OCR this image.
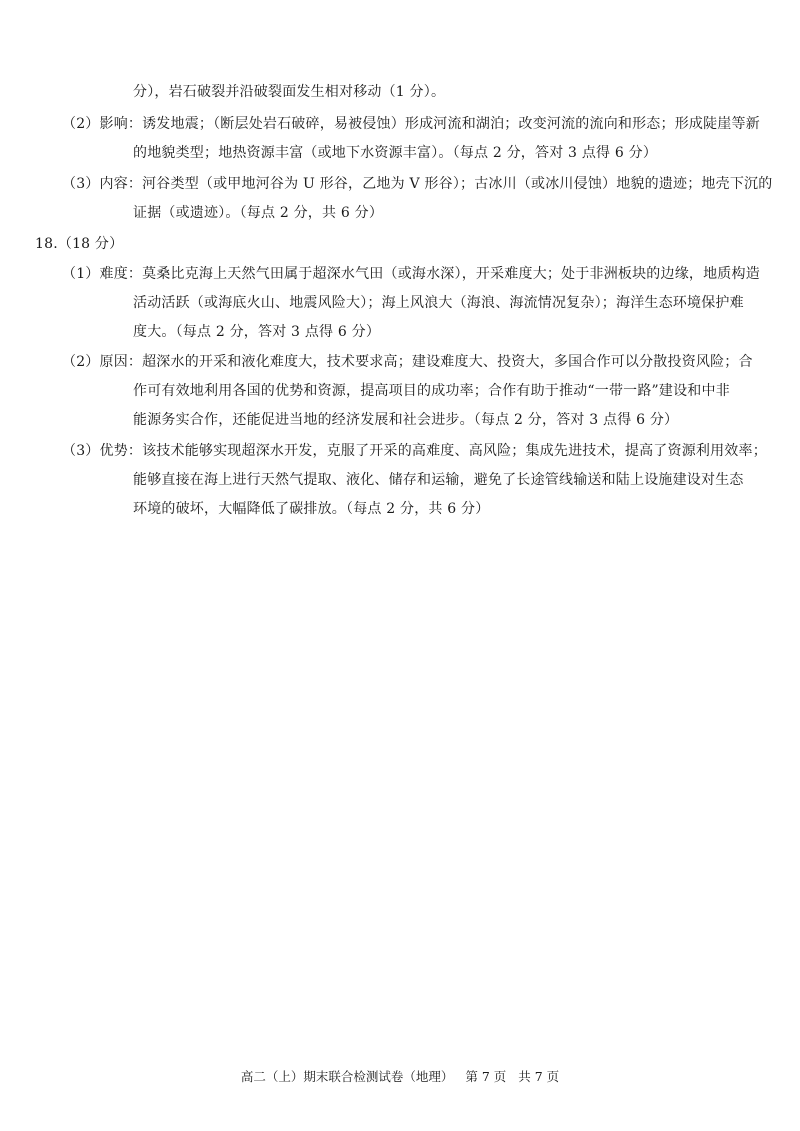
分），岩石破裂并沿破裂面发生相对移动（1 分）。
（2）影响：诱发地震；（断层处岩石破碎，易被侵蚀）形成河流和湖泊；改变河流的流向和形态；形成陡崖等新
的地貌类型；地热资源丰富（或地下水资源丰富）。（每点 2 分，答对 3 点得 6 分）
（3）内容：河谷类型（或甲地河谷为 U 形谷，乙地为 V 形谷）；古冰川（或冰川侵蚀）地貌的遗迹；地壳下沉的
证据（或遗迹）。（每点 2 分，共 6 分）
18.（18 分）
（1）难度：莫桑比克海上天然气田属于超深水气田（或海水深），开采难度大；处于非洲板块的边缘，地质构造
活动活跃（或海底火山、地震风险大）；海上风浪大（海浪、海流情况复杂）；海洋生态环境保护难
度大。（每点 2 分，答对 3 点得 6 分）
（2）原因：超深水的开采和液化难度大，技术要求高；建设难度大、投资大，多国合作可以分散投资风险；合
作可有效地利用各国的优势和资源，提高项目的成功率；合作有助于推动“一带一路”建设和中非
能源务实合作，还能促进当地的经济发展和社会进步。（每点 2 分，答对 3 点得 6 分）
（3）优势：该技术能够实现超深水开发，克服了开采的高难度、高风险；集成先进技术，提高了资源利用效率；
能够直接在海上进行天然气提取、液化、储存和运输，避免了长途管线输送和陆上设施建设对生态
环境的破坏，大幅降低了碳排放。（每点 2 分，共 6 分）
高二（上）期末联合检测试卷（地理） 第 7 页 共 7 页
